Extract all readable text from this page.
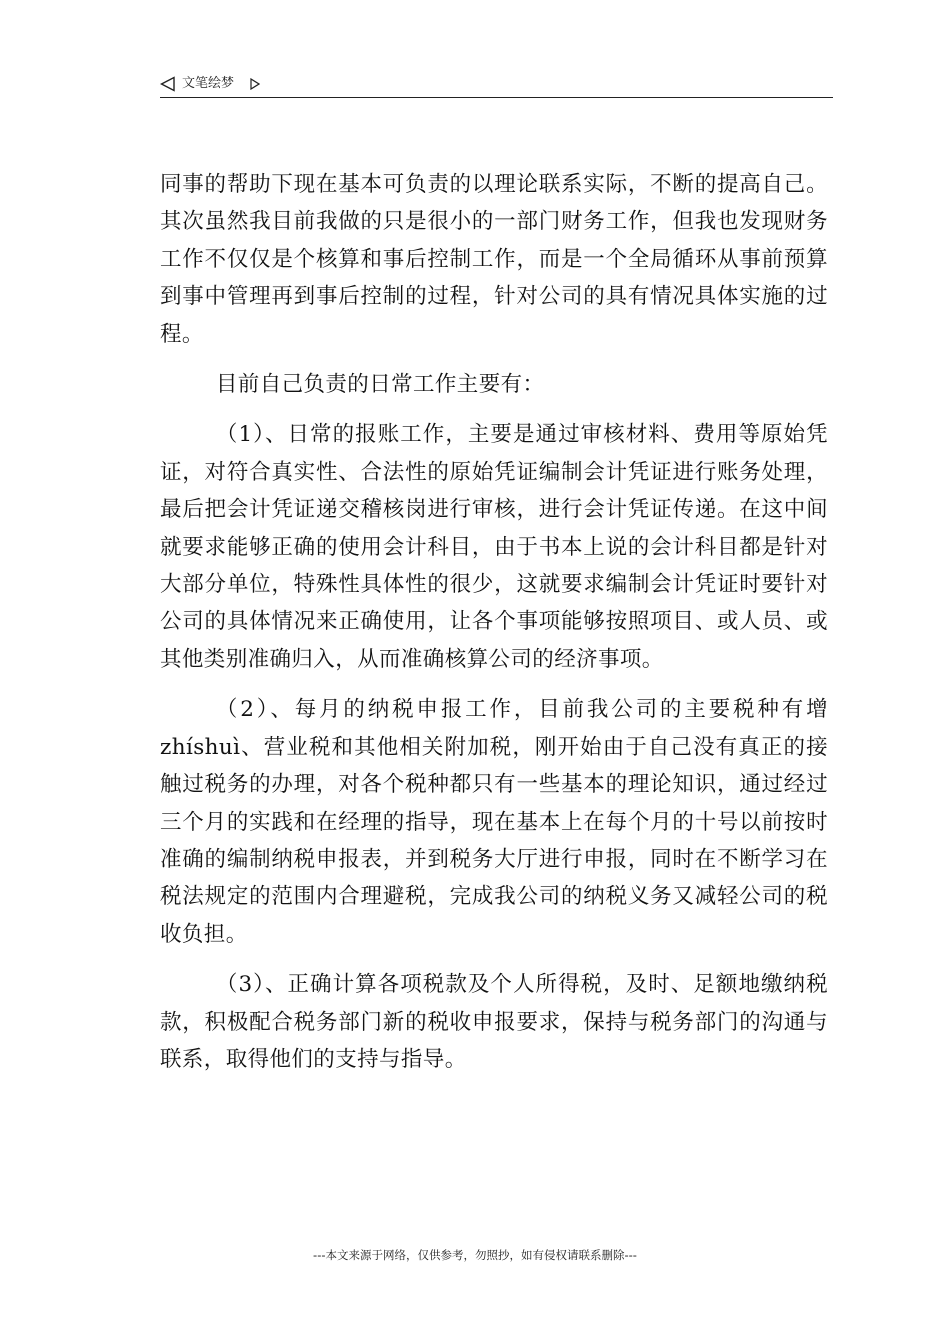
文笔绘梦

同事的帮助下现在基本可负责的以理论联系实际，不断的提高自己。其次虽然我目前我做的只是很小的一部门财务工作，但我也发现财务工作不仅仅是个核算和事后控制工作，而是一个全局循环从事前预算到事中管理再到事后控制的过程，针对公司的具有情况具体实施的过程。

目前自己负责的日常工作主要有：

（1）、日常的报账工作，主要是通过审核材料、费用等原始凭证，对符合真实性、合法性的原始凭证编制会计凭证进行账务处理，最后把会计凭证递交稽核岗进行审核，进行会计凭证传递。在这中间就要求能够正确的使用会计科目，由于书本上说的会计科目都是针对大部分单位，特殊性具体性的很少，这就要求编制会计凭证时要针对公司的具体情况来正确使用，让各个事项能够按照项目、或人员、或其他类别准确归入，从而准确核算公司的经济事项。

（2）、每月的纳税申报工作，目前我公司的主要税种有增zhíshuì、营业税和其他相关附加税，刚开始由于自己没有真正的接触过税务的办理，对各个税种都只有一些基本的理论知识，通过经过三个月的实践和在经理的指导，现在基本上在每个月的十号以前按时准确的编制纳税申报表，并到税务大厅进行申报，同时在不断学习在税法规定的范围内合理避税，完成我公司的纳税义务又减轻公司的税收负担。

（3）、正确计算各项税款及个人所得税，及时、足额地缴纳税款，积极配合税务部门新的税收申报要求，保持与税务部门的沟通与联系，取得他们的支持与指导。

---本文来源于网络，仅供参考，勿照抄，如有侵权请联系删除---
